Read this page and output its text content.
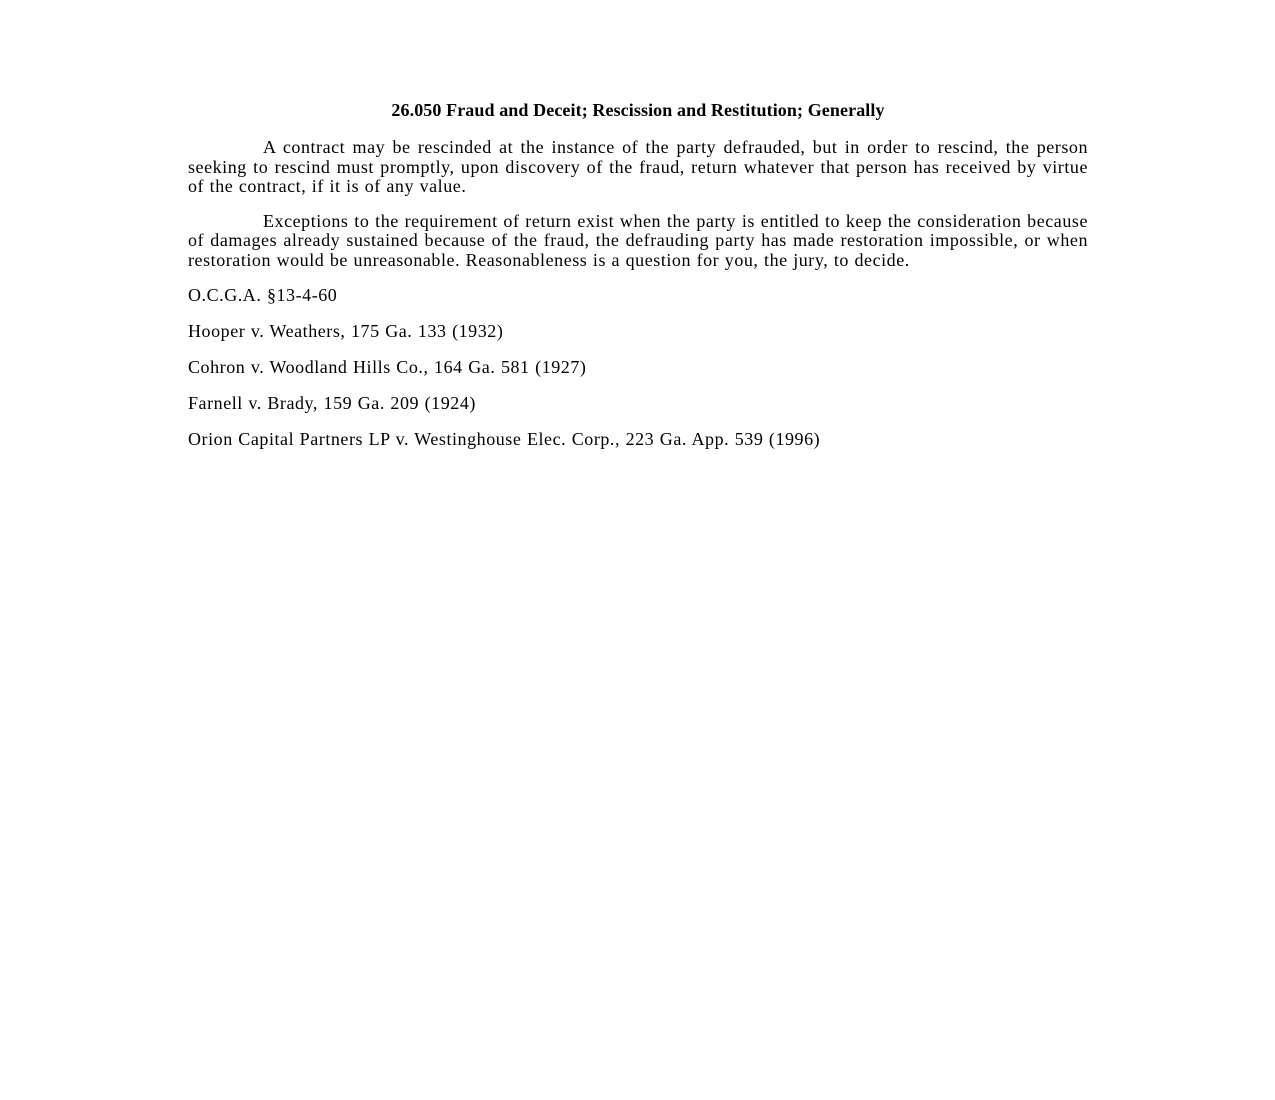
26.050 Fraud and Deceit; Rescission and Restitution; Generally

A contract may be rescinded at the instance of the party defrauded, but in order to rescind, the person seeking to rescind must promptly, upon discovery of the fraud, return whatever that person has received by virtue of the contract, if it is of any value.

Exceptions to the requirement of return exist when the party is entitled to keep the consideration because of damages already sustained because of the fraud, the defrauding party has made restoration impossible, or when restoration would be unreasonable. Reasonableness is a question for you, the jury, to decide.

O.C.G.A. §13-4-60

Hooper v. Weathers, 175 Ga. 133 (1932)

Cohron v. Woodland Hills Co., 164 Ga. 581 (1927)

Farnell v. Brady, 159 Ga. 209 (1924)

Orion Capital Partners LP v. Westinghouse Elec. Corp., 223 Ga. App. 539 (1996)
